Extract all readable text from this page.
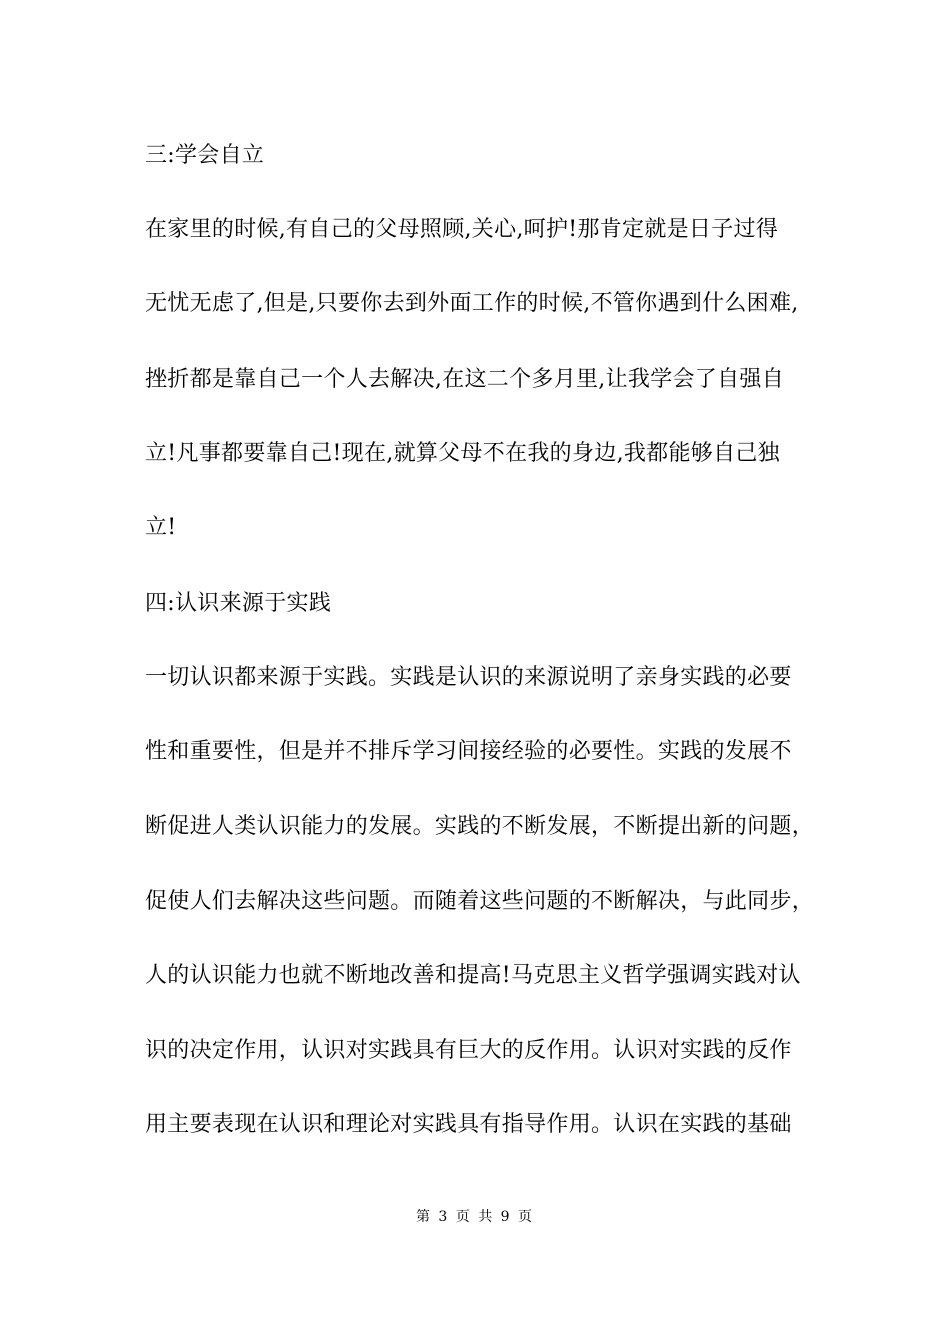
三:学会自立
在家里的时候,有自己的父母照顾,关心,呵护!那肯定就是日子过得
无忧无虑了,但是,只要你去到外面工作的时候,不管你遇到什么困难,
挫折都是靠自己一个人去解决,在这二个多月里,让我学会了自强自
立!凡事都要靠自己!现在,就算父母不在我的身边,我都能够自己独
立!
四:认识来源于实践
一切认识都来源于实践。实践是认识的来源说明了亲身实践的必要
性和重要性，但是并不排斥学习间接经验的必要性。实践的发展不
断促进人类认识能力的发展。实践的不断发展，不断提出新的问题，
促使人们去解决这些问题。而随着这些问题的不断解决，与此同步，
人的认识能力也就不断地改善和提高!马克思主义哲学强调实践对认
识的决定作用，认识对实践具有巨大的反作用。认识对实践的反作
用主要表现在认识和理论对实践具有指导作用。认识在实践的基础
第 3 页 共 9 页
